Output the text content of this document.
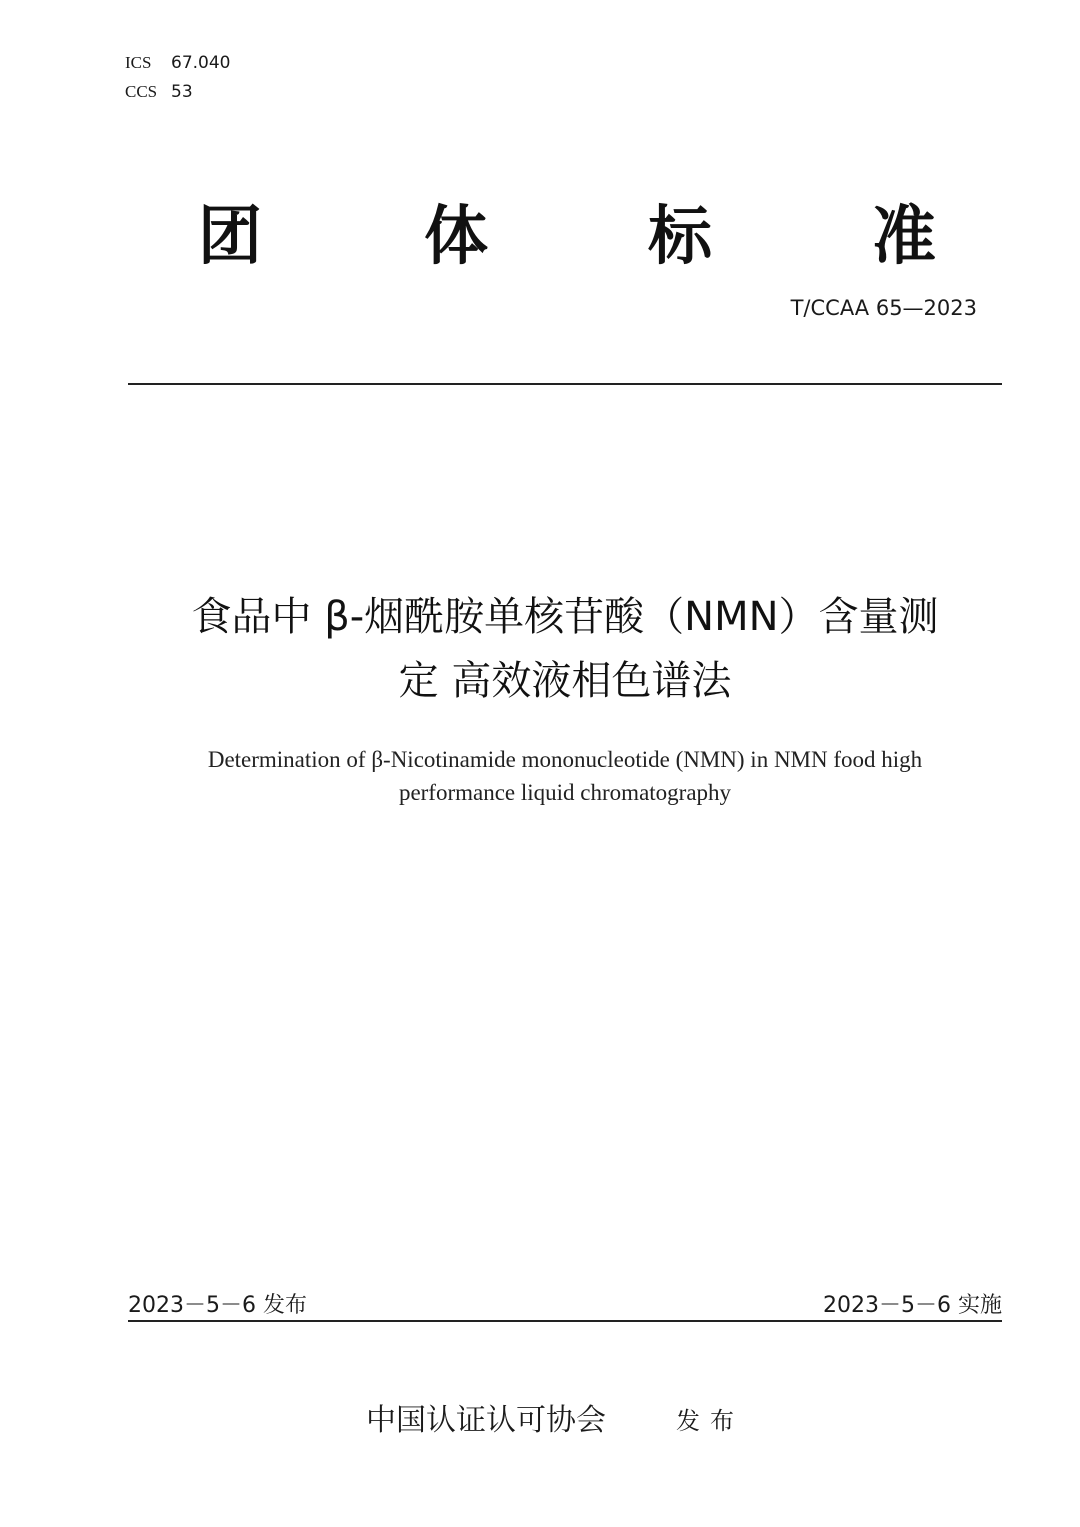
ICS 67.040
CCS 53
团	体	标	准
T/CCAA 65—2023
食品中 β-烟酰胺单核苷酸（NMN）含量测
定 高效液相色谱法
Determination of β-Nicotinamide mononucleotide (NMN) in NMN food high
performance liquid chromatography
2023－5－6 发布	2023－5－6 实施
中国认证认可协会	发布
